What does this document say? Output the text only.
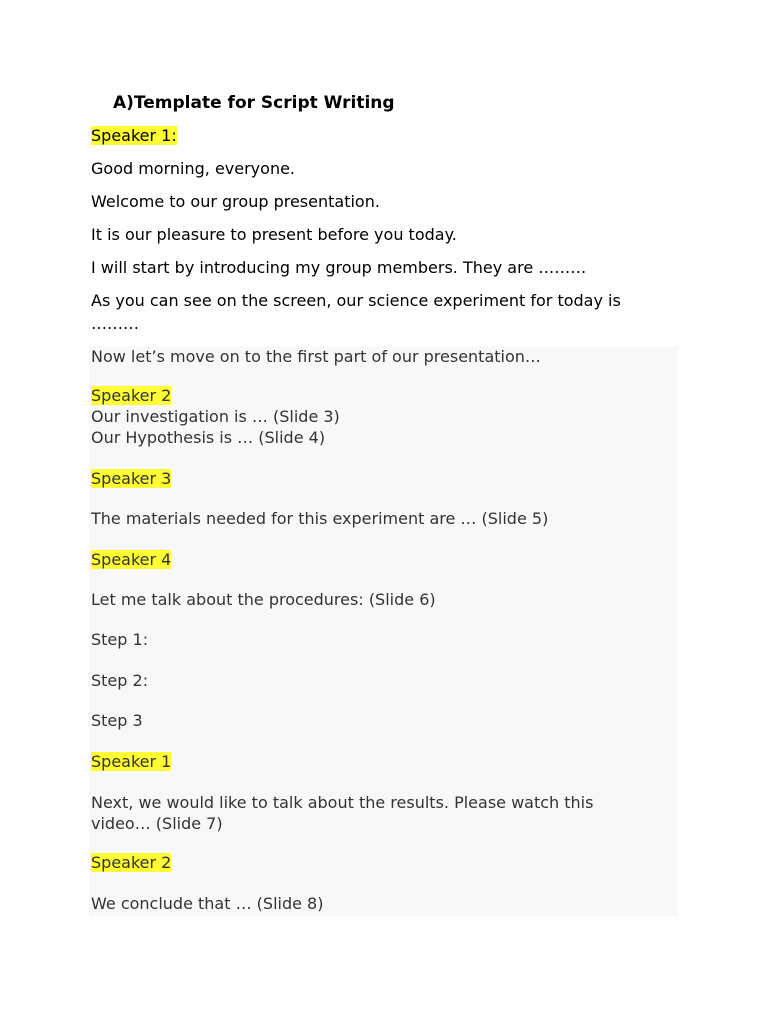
A)Template for Script Writing
Speaker 1:
Good morning, everyone.
Welcome to our group presentation.
It is our pleasure to present before you today.
I will start by introducing my group members. They are ………
As you can see on the screen, our science experiment for today is
………
Now let’s move on to the first part of our presentation…
Speaker 2
Our investigation is … (Slide 3)
Our Hypothesis is … (Slide 4)
Speaker 3
The materials needed for this experiment are … (Slide 5)
Speaker 4
Let me talk about the procedures: (Slide 6)
Step 1:
Step 2:
Step 3
Speaker 1
Next, we would like to talk about the results. Please watch this
video… (Slide 7)
Speaker 2
We conclude that … (Slide 8)
